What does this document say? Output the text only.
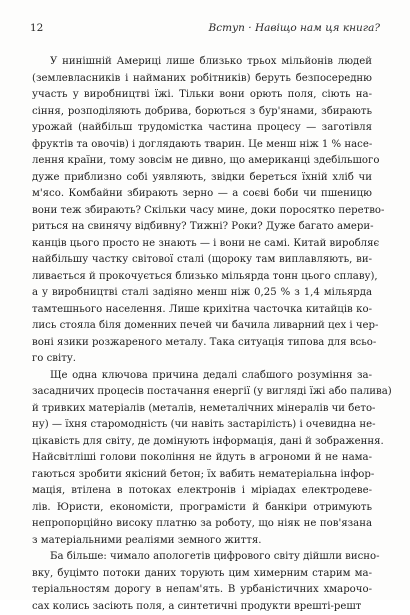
12	Вступ · Навіщо нам ця книга?
У нинішній Америці лише близько трьох мільйонів людей
(землевласників і найманих робітників) беруть безпосередню
участь у виробництві їжі. Тільки вони орють поля, сіють на-
сіння, розподіляють добрива, борються з бур'янами, збирають
урожай (найбільш трудомістка частина процесу — заготівля
фруктів та овочів) і доглядають тварин. Це менш ніж 1 % насе-
лення країни, тому зовсім не дивно, що американці здебільшого
дуже приблизно собі уявляють, звідки береться їхній хліб чи
м'ясо. Комбайни збирають зерно — а соєві боби чи пшеницю
вони теж збирають? Скільки часу мине, доки поросятко перетво-
риться на свинячу відбивну? Тижні? Роки? Дуже багато амери-
канців цього просто не знають — і вони не самі. Китай виробляє
найбільшу частку світової сталі (щороку там виплавляють, ви-
ливається й прокочується близько мільярда тонн цього сплаву),
а у виробництві сталі задіяно менш ніж 0,25 % з 1,4 мільярда
тамтешнього населення. Лише крихітна часточка китайців ко-
лись стояла біля доменних печей чи бачила ливарний цех і чер-
воні язики розжареного металу. Така ситуація типова для всьо-
го світу.
Ще одна ключова причина дедалі слабшого розуміння за-
засадничих процесів постачання енергії (у вигляді їжі або палива)
й тривких матеріалів (металів, неметалічних мінералів чи бето-
ну) — їхня старомодність (чи навіть застарілість) і очевидна не-
цікавість для світу, де домінують інформація, дані й зображення.
Найсвітліші голови покоління не йдуть в агрономи й не нама-
гаються зробити якісний бетон; їх вабить нематеріальна інфор-
мація, втілена в потоках електронів і міріадах електродеве-
лів. Юристи, економісти, програмісти й банкіри отримують
непропорційно високу платню за роботу, що ніяк не пов'язана
з матеріальними реаліями земного життя.
Ба більше: чимало апологетів цифрового світу дійшли висно-
вку, буцімто потоки даних торують цим химерним старим ма-
теріальностям дорогу в непам'ять. В урбаністичних хмарочо-
сах колись засіють поля, а синтетичні продукти врешті-решт
